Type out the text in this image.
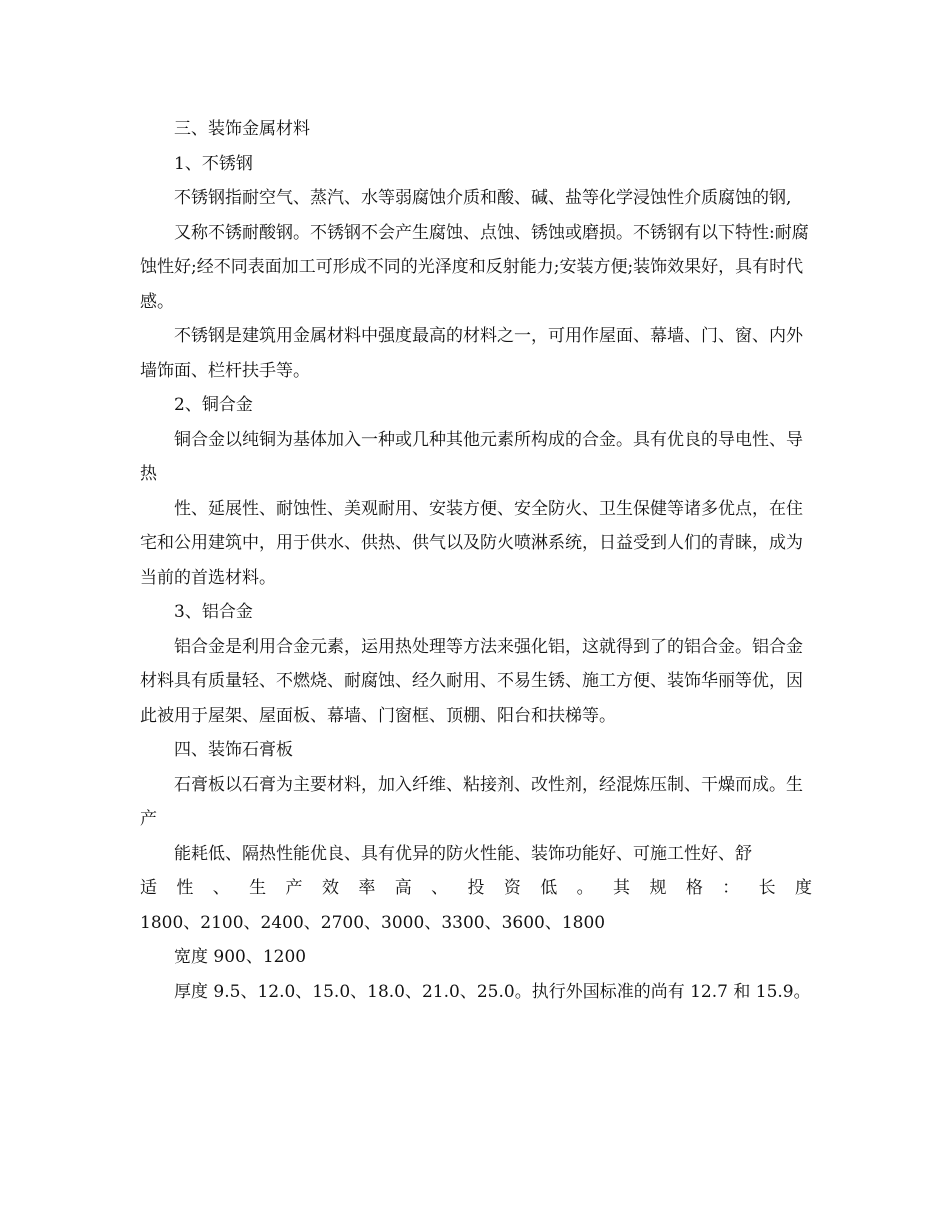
三、装饰金属材料

1、不锈钢

不锈钢指耐空气、蒸汽、水等弱腐蚀介质和酸、碱、盐等化学浸蚀性介质腐蚀的钢,

又称不锈耐酸钢。不锈钢不会产生腐蚀、点蚀、锈蚀或磨损。不锈钢有以下特性:耐腐蚀性好;经不同表面加工可形成不同的光泽度和反射能力;安装方便;装饰效果好，具有时代感。

不锈钢是建筑用金属材料中强度最高的材料之一，可用作屋面、幕墙、门、窗、内外墙饰面、栏杆扶手等。

2、铜合金

铜合金以纯铜为基体加入一种或几种其他元素所构成的合金。具有优良的导电性、导热

性、延展性、耐蚀性、美观耐用、安装方便、安全防火、卫生保健等诸多优点，在住宅和公用建筑中，用于供水、供热、供气以及防火喷淋系统，日益受到人们的青睐，成为当前的首选材料。

3、铝合金

铝合金是利用合金元素，运用热处理等方法来强化铝，这就得到了的铝合金。铝合金材料具有质量轻、不燃烧、耐腐蚀、经久耐用、不易生锈、施工方便、装饰华丽等优，因此被用于屋架、屋面板、幕墙、门窗框、顶棚、阳台和扶梯等。

四、装饰石膏板

石膏板以石膏为主要材料，加入纤维、粘接剂、改性剂，经混炼压制、干燥而成。生产

能耗低、隔热性能优良、具有优异的防火性能、装饰功能好、可施工性好、舒

适性、生产效率高、投资低。其规格：长度

1800、2100、2400、2700、3000、3300、3600、1800

宽度 900、1200

厚度 9.5、12.0、15.0、18.0、21.0、25.0。执行外国标准的尚有 12.7 和 15.9。
